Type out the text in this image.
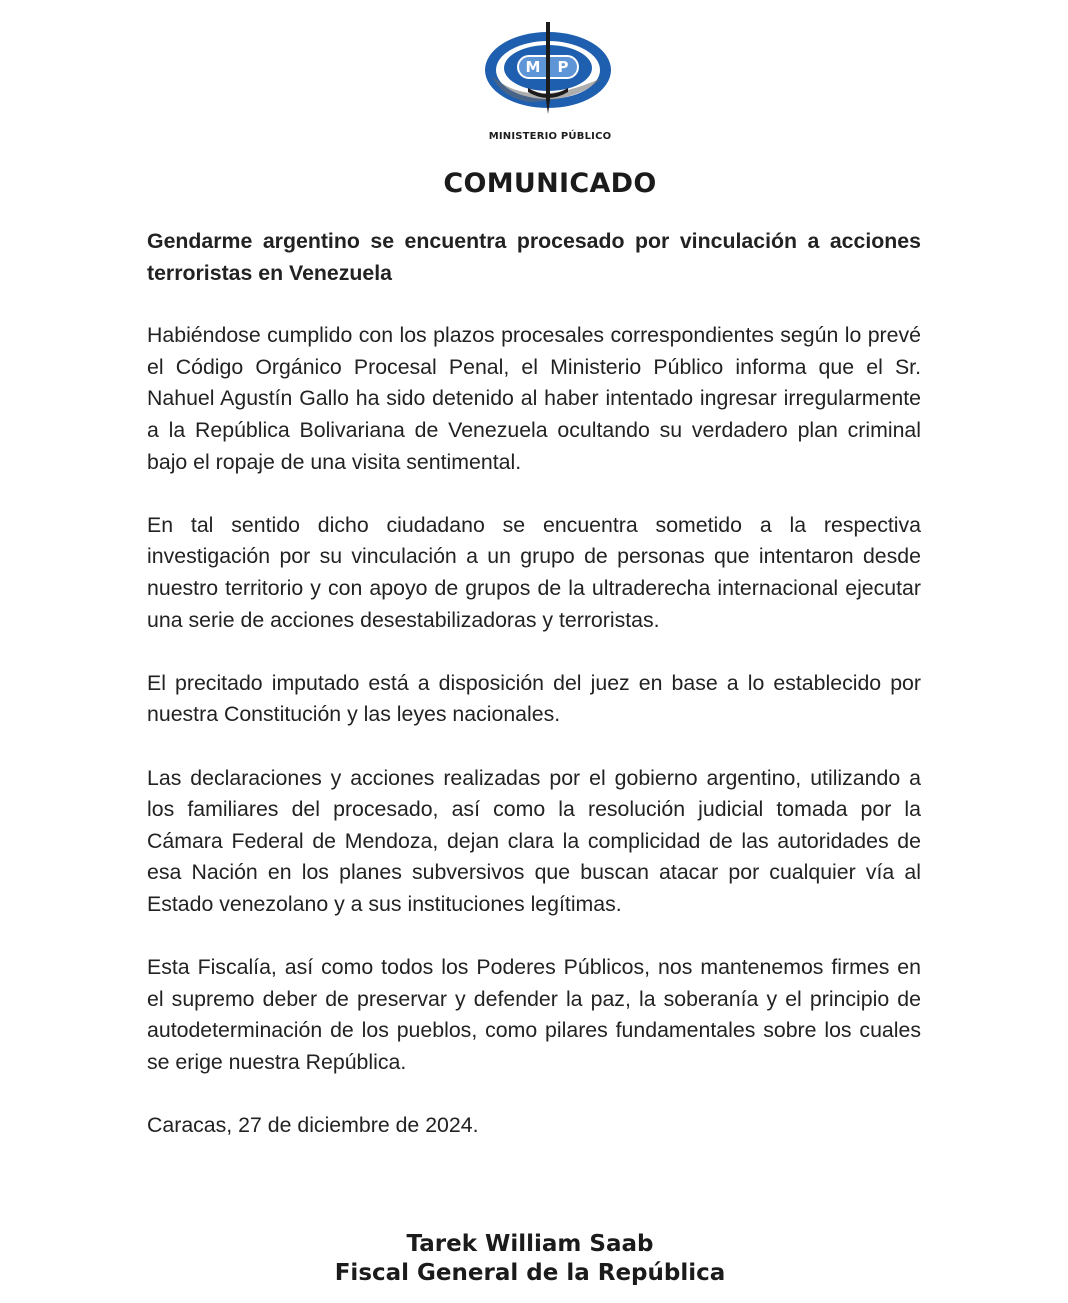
M P
MINISTERIO PÚBLICO
COMUNICADO

Gendarme argentino se encuentra procesado por vinculación a acciones terroristas en Venezuela

Habiéndose cumplido con los plazos procesales correspondientes según lo prevé el Código Orgánico Procesal Penal, el Ministerio Público informa que el Sr. Nahuel Agustín Gallo ha sido detenido al haber intentado ingresar irregularmente a la República Bolivariana de Venezuela ocultando su verdadero plan criminal bajo el ropaje de una visita sentimental.

En tal sentido dicho ciudadano se encuentra sometido a la respectiva investigación por su vinculación a un grupo de personas que intentaron desde nuestro territorio y con apoyo de grupos de la ultraderecha internacional ejecutar una serie de acciones desestabilizadoras y terroristas.

El precitado imputado está a disposición del juez en base a lo establecido por nuestra Constitución y las leyes nacionales.

Las declaraciones y acciones realizadas por el gobierno argentino, utilizando a los familiares del procesado, así como la resolución judicial tomada por la Cámara Federal de Mendoza, dejan clara la complicidad de las autoridades de esa Nación en los planes subversivos que buscan atacar por cualquier vía al Estado venezolano y a sus instituciones legítimas.

Esta Fiscalía, así como todos los Poderes Públicos, nos mantenemos firmes en el supremo deber de preservar y defender la paz, la soberanía y el principio de autodeterminación de los pueblos, como pilares fundamentales sobre los cuales se erige nuestra República.

Caracas, 27 de diciembre de 2024.

Tarek William Saab
Fiscal General de la República
